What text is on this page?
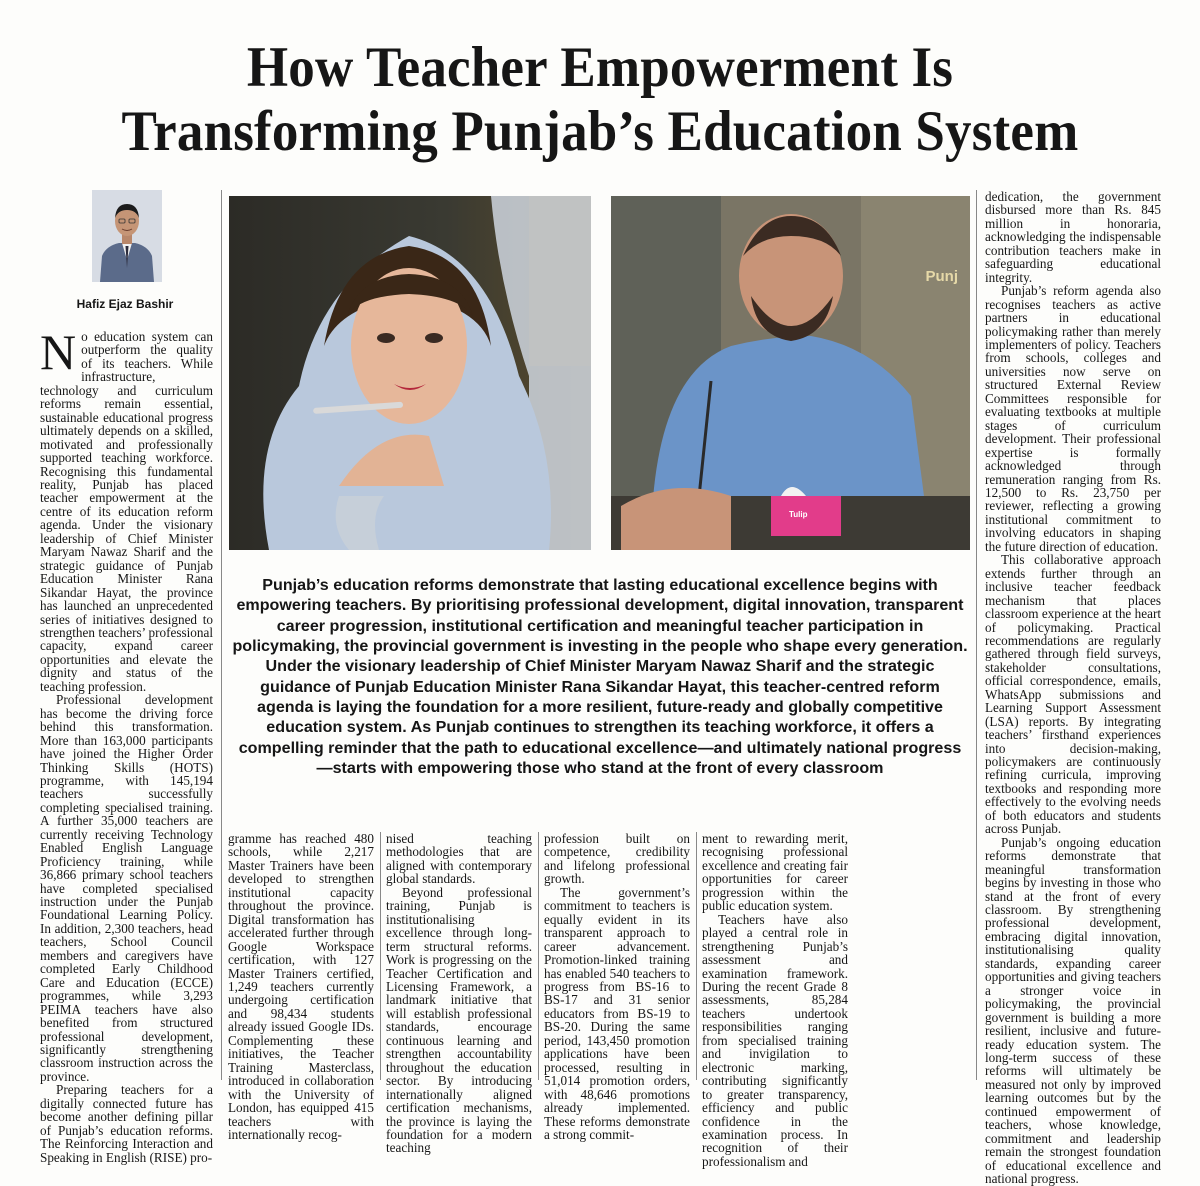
How Teacher Empowerment Is
Transforming Punjab’s Education System
Hafiz Ejaz Bashir

No education system can outperform the quality of its teachers. While infrastructure, technology and curriculum reforms remain essential, sustainable educational progress ultimately depends on a skilled, motivated and professionally supported teaching workforce. Recognising this fundamental reality, Punjab has placed teacher empowerment at the centre of its education reform agenda. Under the visionary leadership of Chief Minister Maryam Nawaz Sharif and the strategic guidance of Punjab Education Minister Rana Sikandar Hayat, the province has launched an unprecedented series of initiatives designed to strengthen teachers’ professional capacity, expand career opportunities and elevate the dignity and status of the teaching profession.

Professional development has become the driving force behind this transformation. More than 163,000 participants have joined the Higher Order Thinking Skills (HOTS) programme, with 145,194 teachers successfully completing specialised training. A further 35,000 teachers are currently receiving Technology Enabled English Language Proficiency training, while 36,866 primary school teachers have completed specialised instruction under the Punjab Foundational Learning Policy. In addition, 2,300 teachers, head teachers, School Council members and caregivers have completed Early Childhood Care and Education (ECCE) programmes, while 3,293 PEIMA teachers have also benefited from structured professional development, significantly strengthening classroom instruction across the province.

Preparing teachers for a digitally connected future has become another defining pillar of Punjab’s education reforms. The Reinforcing Interaction and Speaking in English (RISE) pro-

Punj
Tulip
Punjab’s education reforms demonstrate that lasting educational excellence begins with empowering teachers. By prioritising professional development, digital innovation, transparent career progression, institutional certification and meaningful teacher participation in policymaking, the provincial government is investing in the people who shape every generation. Under the visionary leadership of Chief Minister Maryam Nawaz Sharif and the strategic guidance of Punjab Education Minister Rana Sikandar Hayat, this teacher-centred reform agenda is laying the foundation for a more resilient, future-ready and globally competitive education system. As Punjab continues to strengthen its teaching workforce, it offers a compelling reminder that the path to educational excellence—and ultimately national progress—starts with empowering those who stand at the front of every classroom

gramme has reached 480 schools, while 2,217 Master Trainers have been developed to strengthen institutional capacity throughout the province. Digital transformation has accelerated further through Google Workspace certification, with 127 Master Trainers certified, 1,249 teachers currently undergoing certification and 98,434 students already issued Google IDs. Complementing these initiatives, the Teacher Training Masterclass, introduced in collaboration with the University of London, has equipped 415 teachers with internationally recog-

nised teaching methodologies that are aligned with contemporary global standards.

Beyond professional training, Punjab is institutionalising excellence through long-term structural reforms. Work is progressing on the Teacher Certification and Licensing Framework, a landmark initiative that will establish professional standards, encourage continuous learning and strengthen accountability throughout the education sector. By introducing internationally aligned certification mechanisms, the province is laying the foundation for a modern teaching

profession built on competence, credibility and lifelong professional growth.

The government’s commitment to teachers is equally evident in its transparent approach to career advancement. Promotion-linked training has enabled 540 teachers to progress from BS-16 to BS-17 and 31 senior educators from BS-19 to BS-20. During the same period, 143,450 promotion applications have been processed, resulting in 51,014 promotion orders, with 48,646 promotions already implemented. These reforms demonstrate a strong commit-

ment to rewarding merit, recognising professional excellence and creating fair opportunities for career progression within the public education system.

Teachers have also played a central role in strengthening Punjab’s assessment and examination framework. During the recent Grade 8 assessments, 85,284 teachers undertook responsibilities ranging from specialised training and invigilation to electronic marking, contributing significantly to greater transparency, efficiency and public confidence in the examination process. In recognition of their professionalism and

dedication, the government disbursed more than Rs. 845 million in honoraria, acknowledging the indispensable contribution teachers make in safeguarding educational integrity.

Punjab’s reform agenda also recognises teachers as active partners in educational policymaking rather than merely implementers of policy. Teachers from schools, colleges and universities now serve on structured External Review Committees responsible for evaluating textbooks at multiple stages of curriculum development. Their professional expertise is formally acknowledged through remuneration ranging from Rs. 12,500 to Rs. 23,750 per reviewer, reflecting a growing institutional commitment to involving educators in shaping the future direction of education.

This collaborative approach extends further through an inclusive teacher feedback mechanism that places classroom experience at the heart of policymaking. Practical recommendations are regularly gathered through field surveys, stakeholder consultations, official correspondence, emails, WhatsApp submissions and Learning Support Assessment (LSA) reports. By integrating teachers’ firsthand experiences into decision-making, policymakers are continuously refining curricula, improving textbooks and responding more effectively to the evolving needs of both educators and students across Punjab.

Punjab’s ongoing education reforms demonstrate that meaningful transformation begins by investing in those who stand at the front of every classroom. By strengthening professional development, embracing digital innovation, institutionalising quality standards, expanding career opportunities and giving teachers a stronger voice in policymaking, the provincial government is building a more resilient, inclusive and future-ready education system. The long-term success of these reforms will ultimately be measured not only by improved learning outcomes but by the continued empowerment of teachers, whose knowledge, commitment and leadership remain the strongest foundation of educational excellence and national progress.
